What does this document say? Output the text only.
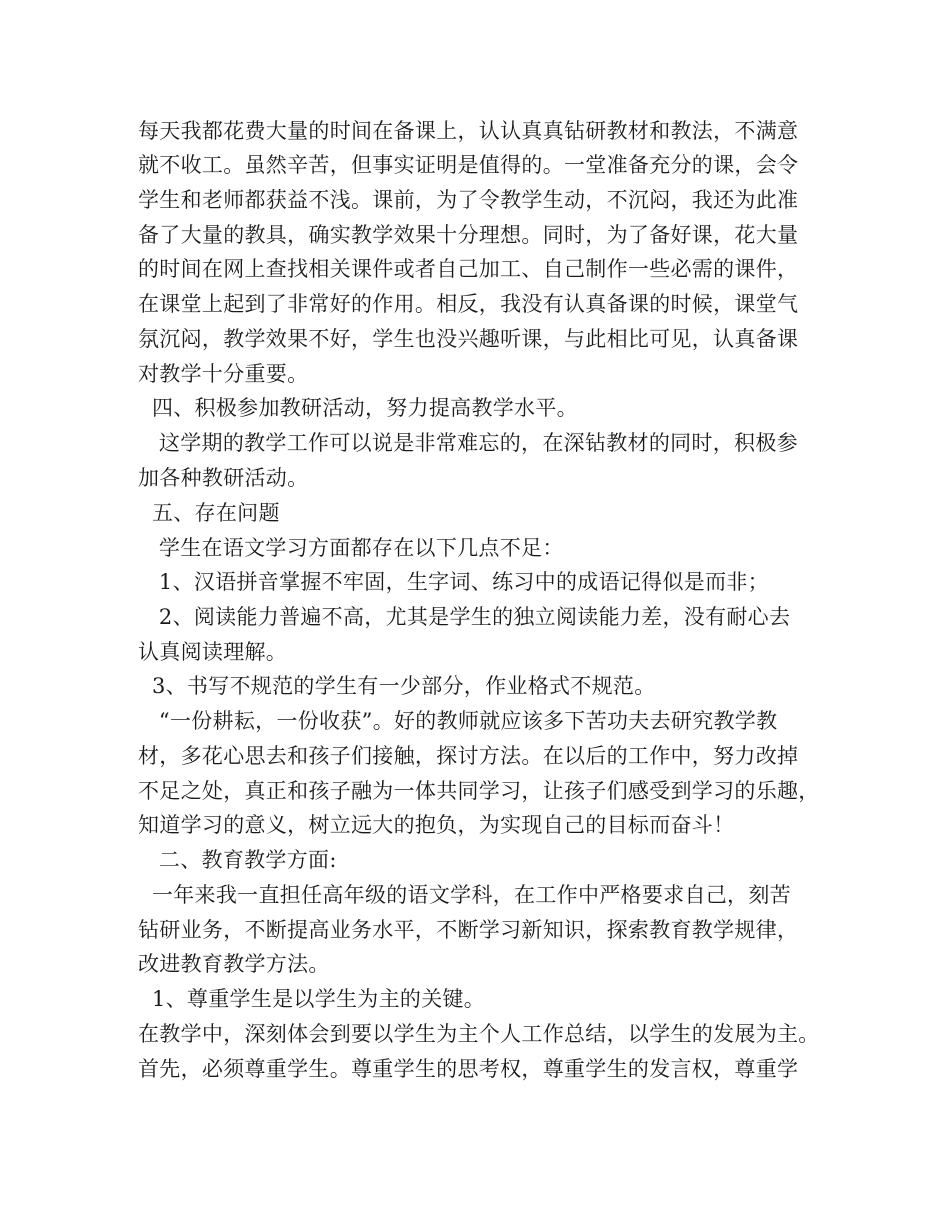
每天我都花费大量的时间在备课上，认认真真钻研教材和教法，不满意
就不收工。虽然辛苦，但事实证明是值得的。一堂准备充分的课，会令
学生和老师都获益不浅。课前，为了令教学生动，不沉闷，我还为此准
备了大量的教具，确实教学效果十分理想。同时，为了备好课，花大量
的时间在网上查找相关课件或者自己加工、自己制作一些必需的课件，
在课堂上起到了非常好的作用。相反，我没有认真备课的时候，课堂气
氛沉闷，教学效果不好，学生也没兴趣听课，与此相比可见，认真备课
对教学十分重要。
四、积极参加教研活动，努力提高教学水平。
这学期的教学工作可以说是非常难忘的，在深钻教材的同时，积极参
加各种教研活动。
五、存在问题
学生在语文学习方面都存在以下几点不足：
1、汉语拼音掌握不牢固，生字词、练习中的成语记得似是而非；
2、阅读能力普遍不高，尤其是学生的独立阅读能力差，没有耐心去
认真阅读理解。
3、书写不规范的学生有一少部分，作业格式不规范。
“一份耕耘，一份收获”。好的教师就应该多下苦功夫去研究教学教
材，多花心思去和孩子们接触，探讨方法。在以后的工作中，努力改掉
不足之处，真正和孩子融为一体共同学习，让孩子们感受到学习的乐趣，
知道学习的意义，树立远大的抱负，为实现自己的目标而奋斗！
二、教育教学方面:
一年来我一直担任高年级的语文学科，在工作中严格要求自己，刻苦
钻研业务，不断提高业务水平，不断学习新知识，探索教育教学规律，
改进教育教学方法。
1、尊重学生是以学生为主的关键。
在教学中，深刻体会到要以学生为主个人工作总结，以学生的发展为主。
首先，必须尊重学生。尊重学生的思考权，尊重学生的发言权，尊重学
